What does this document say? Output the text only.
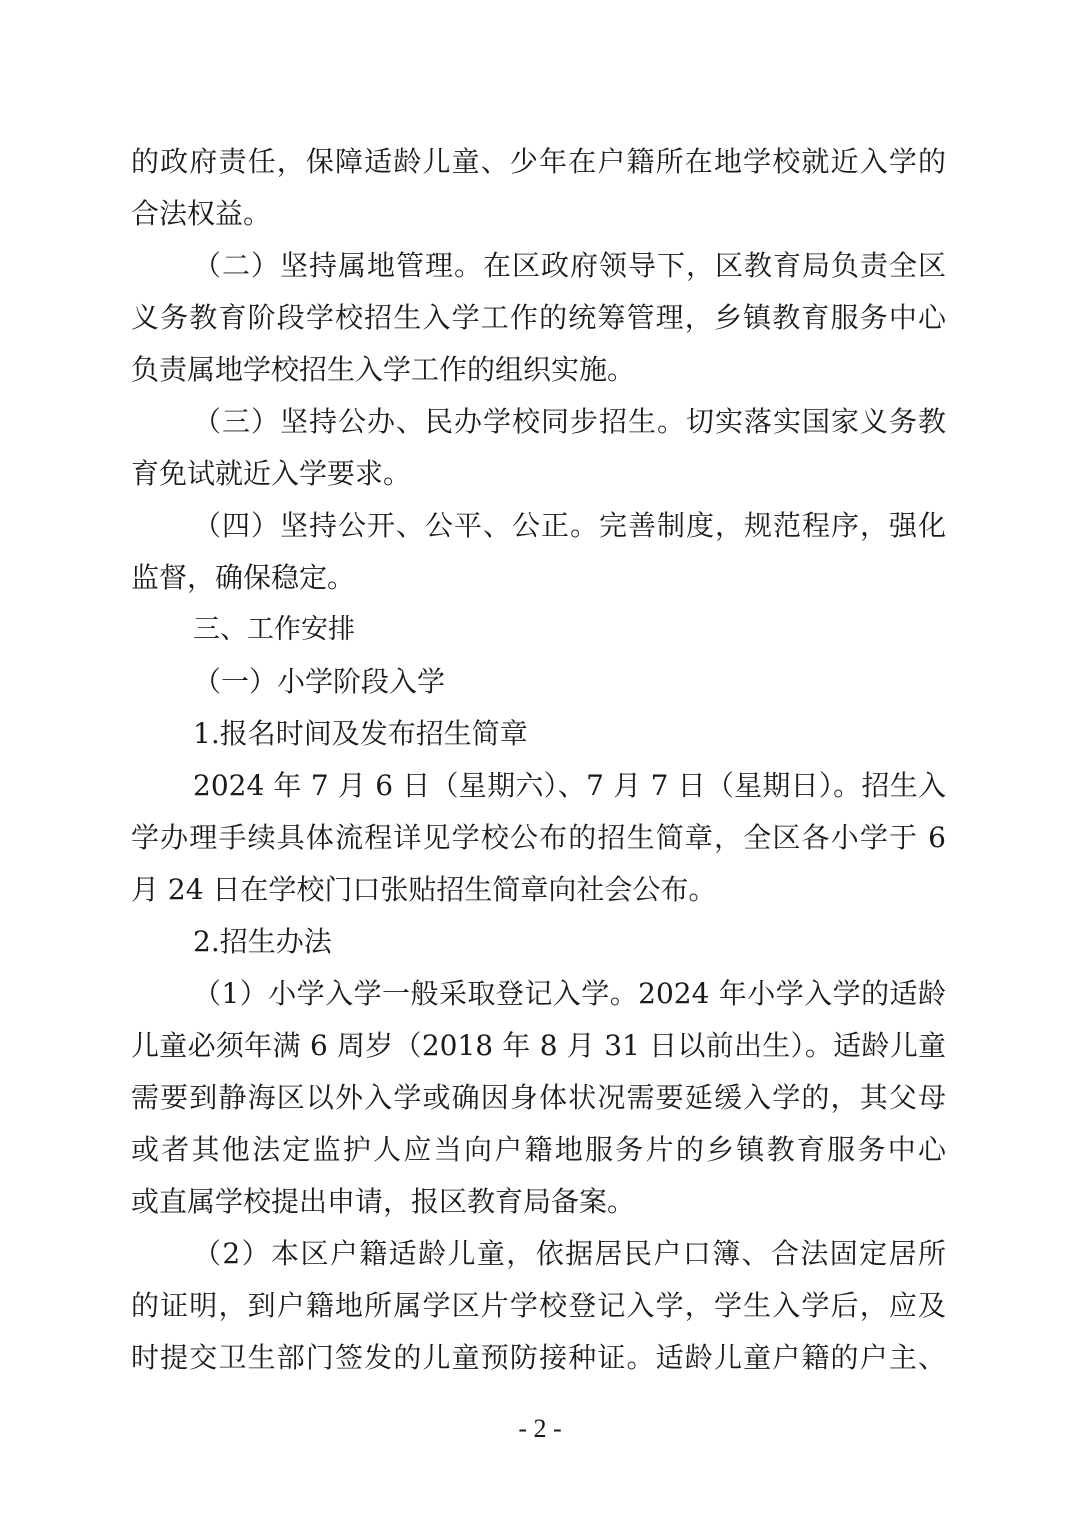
的政府责任，保障适龄儿童、少年在户籍所在地学校就近入学的
合法权益。
（二）坚持属地管理。在区政府领导下，区教育局负责全区
义务教育阶段学校招生入学工作的统筹管理，乡镇教育服务中心
负责属地学校招生入学工作的组织实施。
（三）坚持公办、民办学校同步招生。切实落实国家义务教
育免试就近入学要求。
（四）坚持公开、公平、公正。完善制度，规范程序，强化
监督，确保稳定。
三、工作安排
（一）小学阶段入学
1.报名时间及发布招生简章
2024 年 7 月 6 日（星期六）、7 月 7 日（星期日）。招生入
学办理手续具体流程详见学校公布的招生简章，全区各小学于 6
月 24 日在学校门口张贴招生简章向社会公布。
2.招生办法
（1）小学入学一般采取登记入学。2024 年小学入学的适龄
儿童必须年满 6 周岁（2018 年 8 月 31 日以前出生）。适龄儿童
需要到静海区以外入学或确因身体状况需要延缓入学的，其父母
或者其他法定监护人应当向户籍地服务片的乡镇教育服务中心
或直属学校提出申请，报区教育局备案。
（2）本区户籍适龄儿童，依据居民户口簿、合法固定居所
的证明，到户籍地所属学区片学校登记入学，学生入学后，应及
时提交卫生部门签发的儿童预防接种证。适龄儿童户籍的户主、
- 2 -
